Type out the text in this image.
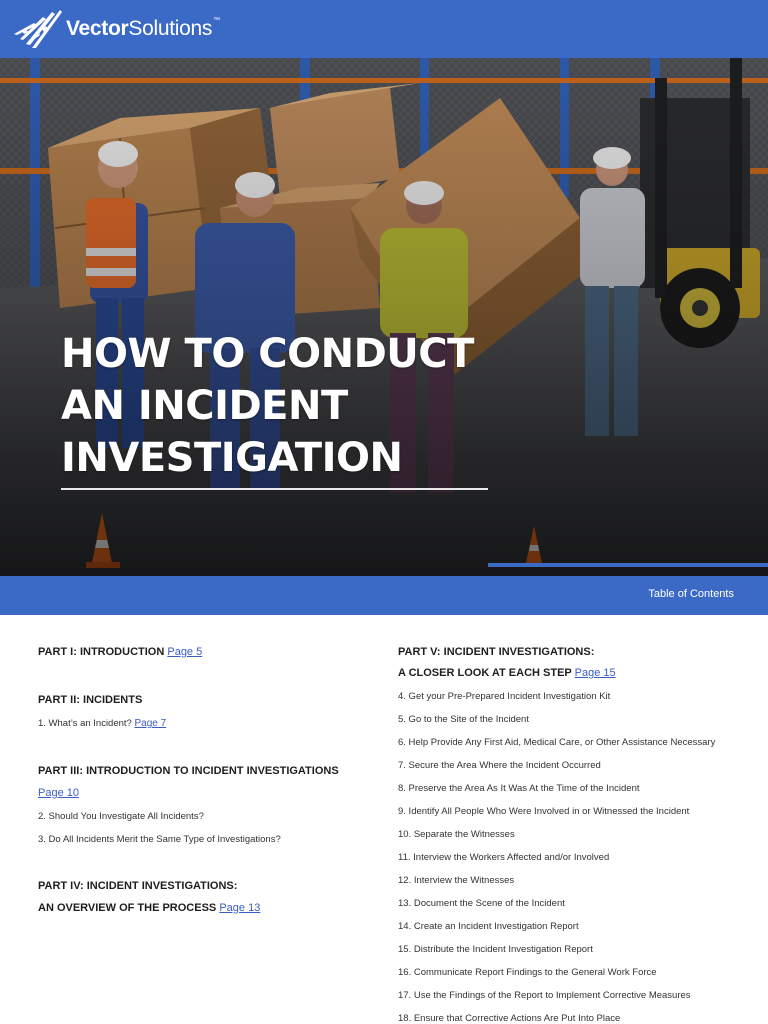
VectorSolutions™
HOW TO CONDUCT
AN INCIDENT
INVESTIGATION
Table of Contents
PART I: INTRODUCTION Page 5
PART II: INCIDENTS
1. What’s an Incident? Page 7
PART III: INTRODUCTION TO INCIDENT INVESTIGATIONS
Page 10
2. Should You Investigate All Incidents?
3. Do All Incidents Merit the Same Type of Investigations?
PART IV: INCIDENT INVESTIGATIONS:
AN OVERVIEW OF THE PROCESS Page 13
PART V: INCIDENT INVESTIGATIONS:
A CLOSER LOOK AT EACH STEP Page 15
4. Get your Pre-Prepared Incident Investigation Kit
5. Go to the Site of the Incident
6. Help Provide Any First Aid, Medical Care, or Other Assistance Necessary
7. Secure the Area Where the Incident Occurred
8. Preserve the Area As It Was At the Time of the Incident
9. Identify All People Who Were Involved in or Witnessed the Incident
10. Separate the Witnesses
11. Interview the Workers Affected and/or Involved
12. Interview the Witnesses
13. Document the Scene of the Incident
14. Create an Incident Investigation Report
15. Distribute the Incident Investigation Report
16. Communicate Report Findings to the General Work Force
17. Use the Findings of the Report to Implement Corrective Measures
18. Ensure that Corrective Actions Are Put Into Place
